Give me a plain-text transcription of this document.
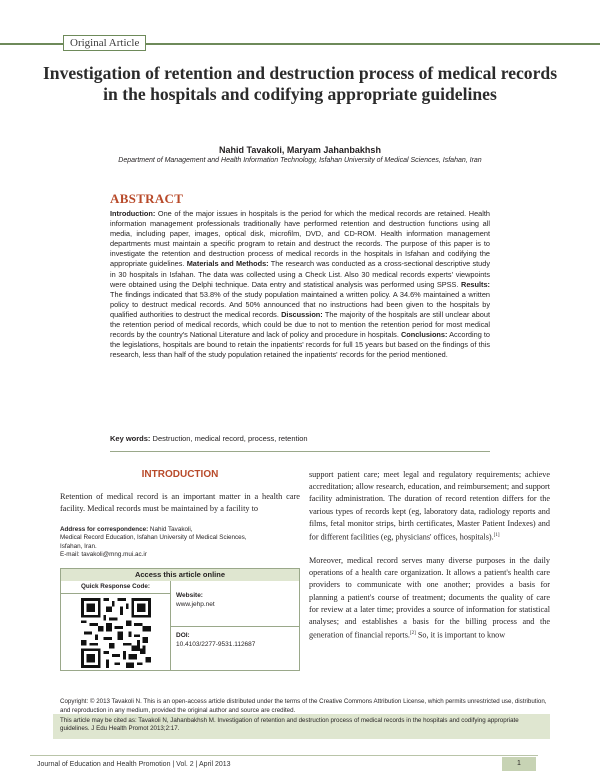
Original Article
Investigation of retention and destruction process of medical records in the hospitals and codifying appropriate guidelines
Nahid Tavakoli, Maryam Jahanbakhsh
Department of Management and Health Information Technology, Isfahan University of Medical Sciences, Isfahan, Iran
ABSTRACT
Introduction: One of the major issues in hospitals is the period for which the medical records are retained. Health information management professionals traditionally have performed retention and destruction functions using all media, including paper, images, optical disk, microfilm, DVD, and CD-ROM. Health information management departments must maintain a specific program to retain and destruct the records. The purpose of this paper is to investigate the retention and destruction process of medical records in the hospitals in Isfahan and codifying the appropriate guidelines. Materials and Methods: The research was conducted as a cross-sectional descriptive study in 30 hospitals in Isfahan. The data was collected using a Check List. Also 30 medical records experts' viewpoints were obtained using the Delphi technique. Data entry and statistical analysis was performed using SPSS. Results: The findings indicated that 53.8% of the study population maintained a written policy. A 34.6% maintained a written policy to destruct medical records. And 50% announced that no instructions had been given to the hospitals by qualified authorities to destruct the medical records. Discussion: The majority of the hospitals are still unclear about the retention period of medical records, which could be due to not to mention the retention period for most medical records by the country's National Literature and lack of policy and procedure in hospitals. Conclusions: According to the legislations, hospitals are bound to retain the inpatients' records for full 15 years but based on the findings of this research, less than half of the study population retained the inpatients' records for the period mentioned.
Key words: Destruction, medical record, process, retention
INTRODUCTION
Retention of medical record is an important matter in a health care facility. Medical records must be maintained by a facility to
Address for correspondence: Nahid Tavakoli,
Medical Record Education, Isfahan University of Medical Sciences,
Isfahan, Iran.
E-mail: tavakoli@mng.mui.ac.ir
Access this article online
Quick Response Code:
Website:
www.jehp.net
DOI:
10.4103/2277-9531.112687

support patient care; meet legal and regulatory requirements; achieve accreditation; allow research, education, and reimbursement; and support facility administration. The duration of record retention differs for the various types of records kept (eg, laboratory data, radiology reports and films, fetal monitor strips, birth certificates, Master Patient Indexes) and for different facilities (eg, physicians' offices, hospitals).[1]

Moreover, medical record serves many diverse purposes in the daily operations of a health care organization. It allows a patient's health care providers to communicate with one another; provides a basis for planning a patient's course of treatment; documents the quality of care for review at a later time; provides a source of information for statistical analyses; and establishes a basis for the billing process and the generation of financial reports.[2] So, it is important to know

Copyright: © 2013 Tavakoli N. This is an open-access article distributed under the terms of the Creative Commons Attribution License, which permits unrestricted use, distribution, and reproduction in any medium, provided the original author and source are credited.
This article may be cited as: Tavakoli N, Jahanbakhsh M. Investigation of retention and destruction process of medical records in the hospitals and codifying appropriate guidelines. J Edu Health Promot 2013;2:17.
Journal of Education and Health Promotion | Vol. 2 | April 2013	1
